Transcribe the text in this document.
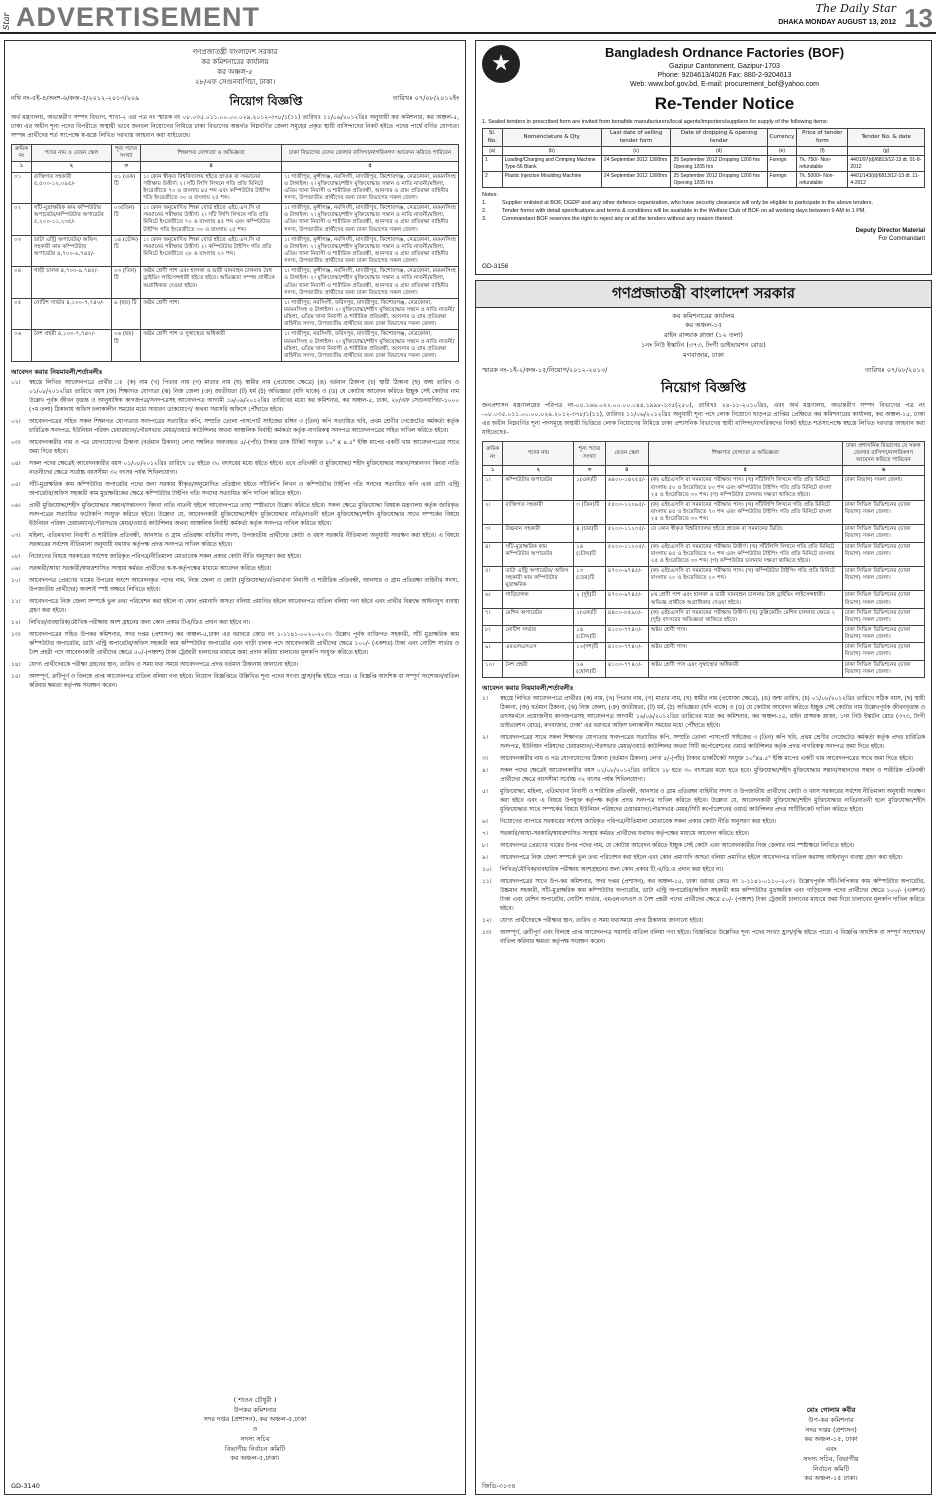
Star ADVERTISEMENT	The Daily Star
DHAKA MONDAY AUGUST 13, 2012 13
গণপ্রজাতন্ত্রী বাংলাদেশ সরকার
কর কমিশনারের কার্যালয়
কর অঞ্চল-৫
২৮/এফ সেগুনবাগিচা, ঢাকা।
নথি নং-৫ই-৪/অংশ-৬/কঅ-৫/২০১২-২০১৩/২০৯	নিয়োগ বিজ্ঞপ্তি	তারিখঃ ০৭/০৮/২০১২ইং
অর্থ মন্ত্রণালয়, অভ্যন্তরীণ সম্পদ বিভাগ, শাখা-২ এর পত্র নং স্মারক নং ০৮.০৩৫.০১১.০০.০০.০২৯.২০১২-৩৭৮/১(১১) তারিখঃ ১১/০৬/২০১২খ্রিঃ অনুযায়ী কর কমিশনার, কর অঞ্চল-৫, ঢাকা এর অধীন শূন্য পদের বিপরীতে অস্থায়ী ভাবে জনবল নিয়োগের নিমিত্তে ঢাকা বিভাগের অন্তর্গত নিম্নবর্ণিত জেলা সমূহের প্রকৃত স্থায়ী বাসিন্দাদের নিকট হইতে পদের পার্শ্বে বর্ণিত যোগ্যতা সম্পন্ন প্রার্থীদের শর্ত সাপেক্ষে স্ব-হস্তে লিখিত দরখাস্ত আহবান করা যাইতেছে।
ক্রমিক নং	পদের নাম ও বেতন স্কেল	শূন্য পদের সংখ্যা	শিক্ষাগত যোগ্যতা ও অভিজ্ঞতা	ঢাকা বিভাগের যেসব জেলার বাসিন্দা/নাগরিকগণ আবেদন করিতে পারিবেন
১	২	৩	৪	৫
০১	ব্যক্তিগত সহকারী ৫,৫০০-১২,০৯৫/-	০১ (এক) টি	১। কোন স্বীকৃত বিশ্ববিদ্যালয় হইতে স্নাতক বা সমমানের পরীক্ষায় উত্তীর্ণ। ২। সাঁট লিপি লিখনে গতি প্রতি মিনিটে ইংরেজীতে ৭০ ও বাংলায় ৪৫ শব্দ এবং কম্পিউটার টাইপিং গতি ইংরেজীতে ৩০ ও বাংলায় ২৫ শব্দ।	১। গাজীপুর, মুন্সীগঞ্জ, নরসিংদী, মাদারীপুর, কিশোরগঞ্জ, নেত্রকোনা, ময়মনসিংহ ও টাঙ্গাইল। ২। মুক্তিযোদ্ধা/শহীদ মুক্তিযোদ্ধার সন্তান ও নাতি নাতনী/মহিলা, এতিম খানা নিবাসী ও শারীরিক প্রতিবন্ধী, আনসার ও গ্রাম প্রতিরক্ষা বাহিনীর সদস্য, উপজাতীয় প্রার্থীদের জন্য ঢাকা বিভাগের সকল জেলা।
০২	সাঁট-মুদ্রাক্ষরিক কাম কম্পিউটার অপারেটর/কম্পিউটার অপারেটর ৫,২০০-১১,২৩৫/-	০৩(তিন) টি	১। কোন অনুমোদিত শিক্ষা বোর্ড হইতে এইচ.এস.সি বা সমমানের পরীক্ষায় উত্তীর্ণ। ২। সাঁট লিপি লিখনে গতি প্রতি মিনিটে ইংরেজীতে ৭০ ও বাংলায় ৪৫ শব্দ এবং কম্পিউটার টাইপিং গতি ইংরেজীতে ৩০ ও বাংলায় ২৫ শব্দ।	১। গাজীপুর, মুন্সীগঞ্জ, নরসিংদী, মাদারীপুর, কিশোরগঞ্জ, নেত্রকোনা, ময়মনসিংহ ও টাঙ্গাইল। ২। মুক্তিযোদ্ধা/শহীদ মুক্তিযোদ্ধার সন্তান ও নাতি নাতনী/মহিলা, এতিম খানা নিবাসী ও শারীরিক প্রতিবন্ধী, আনসার ও গ্রাম প্রতিরক্ষা বাহিনীর সদস্য, উপজাতীয় প্রার্থীদের জন্য ঢাকা বিভাগের সকল জেলা।
০৩	ডাটা এন্ট্রি অপারেটর/ অফিস সহকারী কাম কম্পিউটার অপারেটর ৪,৭০০-৯,৭৪৫/-	১৪ (চৌদ্দ) টি	১। কোন অনুমোদিত শিক্ষা বোর্ড হইতে এইচ.এস.সি বা সমমানের পরীক্ষায় উত্তীর্ণ। ২। কম্পিউটার টাইপিং গতি প্রতি মিনিটে ইংরেজীতে ২৮ ও বাংলায় ২০ শব্দ।	১। গাজীপুর, মুন্সীগঞ্জ, নরসিংদী, মাদারীপুর, কিশোরগঞ্জ, নেত্রকোনা, ময়মনসিংহ ও টাঙ্গাইল। ২। মুক্তিযোদ্ধা/শহীদ মুক্তিযোদ্ধার সন্তান ও নাতি নাতনী/মহিলা, এতিম খানা নিবাসী ও শারীরিক প্রতিবন্ধী, আনসার ও গ্রাম প্রতিরক্ষা বাহিনীর সদস্য, উপজাতীয় প্রার্থীদের জন্য ঢাকা বিভাগের সকল জেলা।
০৪	গাড়ী চালক ৪,৭০০-৯,৭৪৫/-	০৩ (তিন) টি	অষ্টম শ্রেণী পাশ এবং হালকা ও ভারী যানবাহন চালনায় বৈধ ড্রাইভিং লাইসেন্সধারী হইতে হইবে। অভিজ্ঞতা সম্পন্ন প্রার্থীকে অগ্রাধিকার দেওয়া হইবে।	১। গাজীপুর, মুন্সীগঞ্জ, নরসিংদী, মাদারীপুর, কিশোরগঞ্জ, নেত্রকোনা, ময়মনসিংহ ও টাঙ্গাইল। ২। মুক্তিযোদ্ধা/শহীদ মুক্তিযোদ্ধার সন্তান ও নাতি নাতনী/মহিলা, এতিম খানা নিবাসী ও শারীরিক প্রতিবন্ধী, আনসার ও গ্রাম প্রতিরক্ষা বাহিনীর সদস্য, উপজাতীয় প্রার্থীদের জন্য ঢাকা বিভাগের সকল জেলা।
০৫	নোটিশ সার্ভার ৪,১০০-৭,৭৪০/-	৬ (ছয়) টি	অষ্টম শ্রেণী পাশ।	১। গাজীপুর, নরসিংদী, ফরিদপুর, মাদারীপুর, কিশোরগঞ্জ, নেত্রকোনা, ময়মনসিংহ ও টাঙ্গাইল। ২। মুক্তিযোদ্ধা/শহীদ মুক্তিযোদ্ধার সন্তান ও নাতি নাতনী/মহিলা, এতিম খানা নিবাসী ও শারীরিক প্রতিবন্ধী, আনসার ও গ্রাম প্রতিরক্ষা বাহিনীর সদস্য, উপজাতীয় প্রার্থীদের জন্য ঢাকা বিভাগের সকল জেলা।
০৬	নৈশ প্রহরী ৪,১০০-৭,৭৪০/-	০৬ (ছয়) টি	অষ্টম শ্রেণী পাশ ও সুস্বাস্থ্যের অধিকারী	১। গাজীপুর, নরসিংদী, ফরিদপুর, মাদারীপুর, কিশোরগঞ্জ, নেত্রকোনা, ময়মনসিংহ ও টাঙ্গাইল। ২। মুক্তিযোদ্ধা/শহীদ মুক্তিযোদ্ধার সন্তান ও নাতি নাতনী/মহিলা, এতিম খানা নিবাসী ও শারীরিক প্রতিবন্ধী, আনসার ও গ্রাম প্রতিরক্ষা বাহিনীর সদস্য, উপজাতীয় প্রার্থীদের জন্য ঢাকা বিভাগের সকল জেলা।
আবেদন করার নিয়মাবলী/শর্তাবলীঃ
০১।	স্বহস্তে লিখিত আবেদনপত্রে প্রার্থীর ঃ (ক) নাম (খ) পিতার নাম (গ) মাতার নাম (ঘ) স্বামীর নাম (প্রযোজ্য ক্ষেত্রে) (ঙ) বর্তমান ঠিকানা (চ) স্থায়ী ঠিকানা (ছ) জন্ম তারিখ ও ০১/০৮/২০১২খ্রিঃ তারিখে বয়স (জ) শিক্ষাগত যোগ্যতা (ঝ) নিজ জেলা (ঞ) জাতীয়তা (ট) ধর্ম (ঠ) অভিজ্ঞতা (যদি থাকে) ও (ড) যে কোটায় আবেদন করিতে ইচ্ছুক সেই কোটার নাম উল্লেখ পূর্বক জীবন বৃত্তান্ত ও আনুষাঙ্গিক কাগজপত্র/সনদপত্রসহ আবেদনপত্র আগামী ১৬/০৯/২০১২খ্রিঃ তারিখের মধ্যে কর কমিশনার, কর অঞ্চল-৫, ঢাকা, ২৮/এফ সেগুনবাগিচা-১০০০ (৭ম তলা) ঠিকানায় অফিস চলাকালীন সময়ের মধ্যে সাধারণ ডাকযোগে/ অথবা সরাসরি অফিসে পৌঁছাতে হইবে।
০২।	আবেদনপত্রের সহিত সকল শিক্ষাগত যোগ্যতার সনদপত্রের সত্যায়িত কপি, সম্প্রতি তোলা পাসপোর্ট সাইজের রঙ্গিন ৩ (তিন) কপি সত্যায়িত ছবি, প্রথম শ্রেণীর গেজেটেড কর্মকর্তা কর্তৃক চারিত্রিক সনদপত্র, ইউনিয়ন পরিষদ চেয়ারম্যান/পৌরসভার মেয়র/ওয়ার্ড কাউন্সিলর অথবা আঞ্চলিক নির্বাহী কর্মকর্তা কর্তৃক নাগরিকত্ব সনদপত্র আবেদনপত্রের সহিত দাখিল করিতে হইবে।
০৩।	আবেদনকারীর নাম ও পত্র যোগাযোগের ঠিকানা (বর্তমান ঠিকানা) লেখা সম্বলিত অব্যবহৃত ৫/-(পাঁচ) টাকার ডাক টিকিট সংযুক্ত ১০" x ৪.৫" ইঞ্চি মাপের একটি খাম আবেদনপত্রের সাথে জমা দিতে হইবে।
০৪।	সকল পদের ক্ষেত্রেই আবেদনকারীর বয়স ০১/০৮/২০১২খ্রিঃ তারিখে ১৮ হইতে ৩০ বৎসরের মধ্যে হইতে হইবে। তবে প্রতিবন্ধী ও মুক্তিযোদ্ধা/ শহীদ মুক্তিযোদ্ধার সন্তান/সন্তানগণ কিংবা নাতি নাতনীদের ক্ষেত্রে সর্বোচ্চ বয়সসীমা ৩২ বৎসর পর্যন্ত শিথিলযোগ্য।
০৫।	সাঁট-মুদ্রাক্ষরিক কাম কম্পিউটার অপারেটর পদের জন্য সরকার স্বীকৃত/অনুমোদিত প্রতিষ্ঠান হইতে সাঁটলিপি লিখন ও কম্পিউটার টাইপিং গতি সনদের সত্যায়িত কপি এবং ডাটা এন্ট্রি অপারেটর/অফিস সহকারী কাম মুদ্রাক্ষরিকের ক্ষেত্রে কম্পিউটার টাইপিং গতি সনদের সত্যায়িত কপি দাখিল করিতে হইবে।
০৬।	প্রার্থী মুক্তিযোদ্ধা/শহীদ মুক্তিযোদ্ধার সন্তান/সন্তানগণ কিংবা নাতি নাতনী হইলে আবেদনপত্রে তাহা স্পষ্টভাবে উল্লেখ করিতে হইবে। সকল ক্ষেত্রে মুক্তিযোদ্ধা বিষয়ক মন্ত্রণালয় কর্তৃক জারিকৃত সনদপত্রের সত্যায়িত ফটোকপি সংযুক্ত করিতে হইবে। উল্লেখ্য যে, আবেদনকারী মুক্তিযোদ্ধা/শহীদ মুক্তিযোদ্ধার নাতি/নাতনী হইলে মুক্তিযোদ্ধা/শহীদ মুক্তিযোদ্ধার সাথে সম্পর্কের বিষয়ে ইউনিয়ন পরিষদ চেয়ারম্যান/পৌরসভার মেয়র/ওয়ার্ড কাউন্সিলর অথবা আঞ্চলিক নির্বাহী কর্মকর্তা কর্তৃক সনদপত্র দাখিল করিতে হইবে।
০৭।	মহিলা, এতিমখানা নিবাসী ও শারীরিক প্রতিবন্ধী, আনসার ও গ্রাম প্রতিরক্ষা বাহিনীর সদস্য, উপজাতীয় প্রার্থীদের কোটা ও বয়স সরকারি নীতিমালা অনুযায়ী সংরক্ষণ করা হইবে। এ বিষয়ে সরকারের সর্বশেষ নীতিমালা অনুযায়ী যথাযথ কর্তৃপক্ষ প্রদত্ত সনদপত্র দাখিল করিতে হইবে।
০৮।	নিয়োগের বিষয়ে সরকারের সর্বশেষ জারিকৃত পরিপত্র/নীতিমালা মোতাবেক সকল প্রকার কোটা নীতি অনুসরণ করা হইবে।
০৯।	সরকারী/আধা সরকারী/স্বায়ত্তশাসিত সংস্থায় কর্মরত প্রার্থীদের স্ব-স্ব-কর্তৃপক্ষের মাধ্যমে আবেদন করিতে হইবে।
১০।	আবেদনপত্র প্রেরণের খামের উপরের অংশে আবেদনকৃত পদের নাম, নিজ জেলা ও কোটা (মুক্তিযোদ্ধা/এতিমখানা নিবাসী ও শারীরিক প্রতিবন্ধী, আনসার ও গ্রাম প্রতিরক্ষা বাহিনীর সদস্য, উপজাতীয় প্রার্থীদের) অবশ্যই স্পষ্ট অক্ষরে লিখিতে হইবে।
১১।	আবেদনপত্রে নিজ জেলা সম্পর্কে ভুল তথ্য পরিবেশন করা হইলে বা কোন প্রমানাদি অসত্য বলিয়া প্রমানিত হইলে আবেদনপত্র বাতিল বলিয়া গন্য হইবে এবং প্রার্থীর বিরুদ্ধে আইনানুগ ব্যবস্থা গ্রহণ করা হইবে।
১২।	লিখিত/ব্যবহারিক/মৌখিক পরীক্ষায় অংশ গ্রহনের জন্য কোন প্রকার টিএ/ডিএ প্রদান করা হইবে না।
১৩।	আবেদনপত্রের সহিত উপকর কমিশনার, সদর দপ্তর (প্রশাসন) কর অঞ্চল-৫,ঢাকা এর বরাবরে কোড নং ১-১১৪১-০০২০-২০৩১ উল্লেখ পূর্বক ব্যক্তিগত সহকারী, সাঁট মুদ্রাক্ষরিক কাম কম্পিউটার অপারেটর, ডাটা এন্ট্রি অপারেটর/অফিস সহকারী কাম কম্পিউটার অপারেটর এবং গাড়ী চালক পদে আবেদনকারী প্রার্থীদের ক্ষেত্রে ১০০/- (একশত) টাকা এবং নোটিশ সার্ভার ও নৈশ প্রহরী পদে আবেদনকারী প্রার্থীদের ক্ষেত্রে ৫০/-(পঞ্চাশ) টাকা ট্রেজারী চালানের মাধ্যমে জমা প্রদান করিয়া চালানের মূলকপি সংযুক্ত করিতে হইবে।
১৪।	যোগ্য প্রার্থীদেরকে পরীক্ষা গ্রহনের স্থান, তারিখ ও সময় যথা সময়ে আবেদনপত্রে প্রদত্ত বর্তমান ঠিকানায় জানানো হইবে।
১৫।	অসম্পূর্ণ, ক্রটিপূর্ণ ও বিলম্বে প্রাপ্ত আবেদনপত্র বাতিল বলিয়া গন্য হইবে। নিয়োগ বিজ্ঞপ্তিতে উল্লিখিত শূন্য পদের সংখ্যা হ্রাস/বৃদ্ধি হইতে পারে। এ বিজ্ঞপ্তি আংশিক বা সম্পূর্ণ সংশোধন/বাতিল করিবার ক্ষমতা কর্তৃপক্ষ সংরক্ষণ করেন।
( শাওন চৌধুরী )
উপকর কমিশনার
সদর দপ্তর (প্রশাসন), কর অঞ্চল-৫,ঢাকা
ও
সদস্য সচিব
বিভাগীয় নির্বাচন কমিটি
কর অঞ্চল-৫,ঢাকা।
GD-3140
Bangladesh Ordnance Factories (BOF)
Gazipur Cantonment, Gazipur-1703
Phone: 9204613/4026 Fax: 880-2-9204613
Web: www.bof.gov.bd, E-mail: procurement_bof@yahoo.com
Re-Tender Notice
1. Sealed tenders in prescribed form are invited from bonafide manufacturers/local agents/importers/suppliers for supply of the following items:
Sl. No.	Nomenclature & Qty	Last date of selling tender form	Date of dropping & opening tender	Currency	Price of tender form	Tender No. & date
(a)	(b)	(c)	(d)	(e)	(f)	(g)
1	Loading/Charging and Crimping Machine Type-56 Blank	24 September 2012 1300hrs	25 September 2012 Dropping 1200 hrs Opening 1205 hrs	Foreign	Tk. 750/- Non-refundable	4401/97(d)/6813/12-13 dt. 01-8-2012
2	Plastic Injection Moulding Machine	24 September 2012 1300hrs	25 September 2012 Dropping 1200 hrs Opening 1205 hrs	Foreign	Tk. 5000/- Non-refundable	4401/143(d)/6813/12-13 dt. 11-4-2012
Notes:
1.	Supplier enlisted at BOF, DGDP and any other defence organization, who have security clearance will only be eligible to participate in the above tenders.
2.	Tender forms with detail specifications and terms & conditions will be available in the Welfare Club of BOF on all working days between 9 AM to 1 PM.
3.	Commandant BOF reserves the right to reject any or all the tenders without any reason thereof.
Deputy Director Material
For Commandant
GD-3156
গণপ্রজাতন্ত্রী বাংলাদেশ সরকার
কর কমিশনারের কার্যালয়
কর অঞ্চল-১৫
রাইন রাজ্জাক প্লাজা (১২ তলা)
১নং নিউ ইস্কাটন (৩৭৩, টংগী ডাইভারশন রোড)
মগবাজার, ঢাকা
স্মারক নং-১ই-২/কঅ-১৫/নিয়োগ/২০১২-২০১৩/	তারিখঃ ০৭/০৮/২০১২
নিয়োগ বিজ্ঞপ্তি
জনপ্রশাসন মন্ত্রণালয়ের পরিপত্র নং-০৫.১৬৬.০২২.০০.০০.০৪৪.১৯৯৮-১৩৫(২৫০), তারিখঃ ২৪-১১-২০১০খ্রিঃ, এবং অর্থ মন্ত্রণালয়, অভ্যন্তরীণ সম্পদ বিভাগের পত্র নং -০৮.০৩৫.০১১.০০.০০.০২৯.২০১২-৩৭৮/১(১১), তারিখঃ ১১/০৬/২০১২খ্রিঃ অনুযায়ী শূন্য পদে লোক নিয়োগে ছাড়পত্র প্রাপ্তির প্রেক্ষিতে কর কমিশনারের কার্যালয়, কর অঞ্চল-১৫, ঢাকা এর অধীন নিম্নবর্ণিত শূন্য পদসমূহে অস্থায়ী ভিত্তিতে লোক নিয়োগের নিমিত্তে ঢাকা প্রশাসনিক বিভাগের স্থায়ী বাসিন্দা/নাগরিকদের নিকট হইতে শর্তসাপেক্ষে স্বহস্তে লিখিত দরখাস্ত আহবান করা যাইতেছেঃ-
ক্রমিক নং	পদের নাম	শূন্য পদের সংখ্যা	বেতন স্কেল	শিক্ষাগত যোগ্যতা ও অভিজ্ঞতা	ঢাকা প্রশাসনিক বিভাগের যে সকল জেলার বাসিন্দা/নাগরিকগণ আবেদন করিতে পারিবেন
১	২	৩	৪	৫	৬
১।	কম্পিউটার অপারেটর	১(এক)টি	৬৪০০-১৪২৫৫/-	(ক) এইচএসসি বা সমমানের পরীক্ষায় পাস। (খ) সাঁটলিপি লিখনে গতি প্রতি মিনিটে বাংলায় ৫০ ও ইংরেজিতে ৮০ শব্দ এবং কম্পিউটার টাইপিং গতি প্রতি মিনিটে বাংলা ২৫ ও ইংরেজিতে ৩০ শব্দ। (গ) কম্পিউটার চালনায় দক্ষতা থাকিতে হইবে।	ঢাকা বিভাগ) সকল জেলা।
২।	ব্যক্তিগত সহকারী	৩ (তিন)টি	৫৫০০-১২০৯৫/-	(ক) এইচএসসি বা সমমানের পরীক্ষায় পাস। (খ) সাঁটলিপি লিখনে গতি প্রতি মিনিটে বাংলায় ৪৫ ও ইংরেজিতে ৭০ শব্দ এবং কম্পিউটার টাইপিং গতি প্রতি মিনিটে বাংলা ২৫ ও ইংরেজিতে ৩০ শব্দ।	ঢাকা সিভিল ডিভিশনের (ঢাকা বিভাগ) সকল জেলা।
৩।	উচ্চমান সহকারী	৪ (চার)টি	৫২০০-১১২৩৫/-	যে কোন স্বীকৃত বিশ্ববিদ্যালয় হইতে স্নাতক বা সমমানের ডিগ্রি।	ঢাকা সিভিল ডিভিশনের (ঢাকা বিভাগ) সকল জেলা।
৪।	সাঁট-মুদ্রাক্ষরিক কাম কম্পিউটার অপারেটর	১৪ (চৌদ্দ)টি	৫২০০-১১২৩৫/-	(ক) এইচএসসি বা সমমানের পরীক্ষায় উত্তীর্ণ। (খ) সাঁটলিপি লিখনে গতি প্রতি মিনিটে বাংলায় ৪৫ ও ইংরেজিতে ৭০ শব্দ এবং কম্পিউটার টাইপিং গতি প্রতি মিনিটে বাংলায় ২৫ ও ইংরেজিতে ৩০ শব্দ। (গ) কম্পিউটার চালনায় দক্ষতা থাকিতে হইবে।	ঢাকা সিভিল ডিভিশনের (ঢাকা বিভাগ) সকল জেলা।
৫।	ডাটা এন্ট্রি অপারেটর/ অফিস সহকারী কাম কম্পিউটার মুদ্রাক্ষরিক	১৩ (তের)টি	৪৭০০-৯৭৪৫/-	(ক) এইচএসসি বা সমমানের পরীক্ষায় পাস। (খ) কম্পিউটার টাইপিং গতি প্রতি মিনিটে বাংলায় ২০ ও ইংরেজিতে ২০ শব্দ।	ঢাকা সিভিল ডিভিশনের (ঢাকা বিভাগ) সকল জেলা।
৬।	গাড়িচালক	২ (দুই)টি	৪৭০০-৯৭৪৫/-	৮ম শ্রেণী পাশ এবং হালকা ও ভারী যানবাহন চালনায় বৈধ ড্রাইভিং লাইসেন্সধারী। অভিজ্ঞ প্রার্থীকে অগ্রাধিকার দেওয়া হইবে।	ঢাকা সিভিল ডিভিশনের (ঢাকা বিভাগ) সকল জেলা।
৭।	মেশিন অপারেটর	১(এক)টি	৪৪০০-৮৫৯০/-	(ক) এইচএসসি বা সমমানের পরীক্ষায় উত্তীর্ণ। (খ) ডুপ্লিকেটিং মেশিন চালনার ক্ষেত্রে ২ (দুই) বৎসরের অভিজ্ঞতা থাকিতে হইবে।	ঢাকা সিভিল ডিভিশনের (ঢাকা বিভাগ) সকল জেলা।
৮।	নোটিশ সার্ভার	১৪ (চৌদ্দ)টি	৪১০০-৭৭৪০/-	অষ্টম শ্রেণী পাস।	ঢাকা সিভিল ডিভিশনের (ঢাকা বিভাগ) সকল জেলা।
৯।	এমএলএসএস	১০(দশ)টি	৪১০০-৭৭৪০/-	অষ্টম শ্রেণী পাস।	ঢাকা সিভিল ডিভিশনের (ঢাকা বিভাগ) সকল জেলা।
১০।	নৈশ প্রহরী	১৬ (ষোল)টি	৪১০০-৭৭৪০/-	অষ্টম শ্রেণী পাস এবং সুস্বাস্থ্যের অধিকারী	ঢাকা সিভিল ডিভিশনের (ঢাকা বিভাগ) সকল জেলা।
আবেদন করার নিয়মাবলী/শর্তাবলীঃ
১।	স্বহস্তে লিখিত আবেদনপত্রে প্রার্থীরঃ (ক) নাম, (খ) পিতার নাম, (গ) মাতার নাম, (ঘ) স্বামীর নাম (প্রযোজ্য ক্ষেত্রে), (ঙ) জন্ম তারিখ, (চ) ০১/০৮/২০১২খ্রিঃ তারিখে সঠিক বয়স, (ছ) স্থায়ী ঠিকানা, (জ) বর্তমান ঠিকানা, (ঝ) নিজ জেলা, (ঞ) জাতীয়তা, (ট) ধর্ম, (ঠ) অভিজ্ঞতা (যদি থাকে) ও (ড) যে কোটায় আবেদন করিতে ইচ্ছুক সেই কোটার নাম উল্লেখপূর্বক জীবনবৃত্তান্ত ও তৎসমর্থনে প্রয়োজনীয় কাগজপত্রসহ আবেদনপত্র আগামী ১৬/০৯/২০১২খ্রিঃ তারিখের মধ্যে কর কমিশনার, কর অঞ্চল-১৫, রাইন রাজ্জাক প্লাজা, ১নং নিউ ইস্কাটন রোড (৩৭৩, টংগী ডাইভারশন রোড), মগবাজার, ঢাকা' এর বরাবরে অফিস চলাকালীন সময়ের মধ্যে পৌঁছাতে হইবে।
২।	আবেদনপত্রের সাথে সকল শিক্ষাগত যোগ্যতার সনদপত্রের সত্যায়িত কপি, সম্প্রতি তোলা পাসপোর্ট সাইজের ৩ (তিন) কপি ছবি, প্রথম শ্রেণীর গেজেটেড কর্মকর্তা কর্তৃক প্রদত্ত চারিত্রিক সনদপত্র, ইউনিয়ন পরিষদের চেয়ারম্যান/পৌরসভার মেয়র/ওয়ার্ড কাউন্সিলর অথবা সিটি কর্পোরেশনের ওয়ার্ড কাউন্সিলর কর্তৃক প্রদত্ত নাগরিকত্ব সনদপত্র জমা দিতে হইবে।
৩।	আবেদনকারীর নাম ও পত্র যোগাযোগের ঠিকানা (বর্তমান ঠিকানা) লেখা ৫/-(পাঁচ) টাকার ডাকটিকেট সংযুক্ত ১০"x৪.৫" ইঞ্চি মাপের একটি খাম আবেদনপত্রের সাথে জমা দিতে হইবে।
৪।	সকল পদের ক্ষেত্রেই আবেদনকারীর বয়স ০১/০৮/২০১২খ্রিঃ তারিখে ১৮ হতে ৩০ বৎসরের মধ্যে হতে হবে। মুক্তিযোদ্ধা/শহীদ মুক্তিযোদ্ধার সন্তান/সন্তানদের সন্তান ও শারীরিক প্রতিবন্ধী প্রার্থীদের ক্ষেত্রে বয়সসীমা সর্বোচ্চ ৩২ বৎসর পর্যন্ত শিথিলযোগ্য।
৫।	মুক্তিযোদ্ধা, মহিলা, এতিমখানা নিবাসী ও শারীরিক প্রতিবন্ধী, আনসার ও গ্রাম প্রতিরক্ষা বাহিনীর সদস্য ও উপজাতীয় প্রার্থীদের কোটা ও বয়স সরকারের সর্বশেষ নীতিমালা অনুযায়ী সংরক্ষণ করা হইবে এবং এ বিষয়ে উপযুক্ত কর্তৃপক্ষ কর্তৃক প্রদত্ত সনদপত্র দাখিল করিতে হইবে। উল্লেখ্য যে, আবেদনকারী মুক্তিযোদ্ধা/শহীদ মুক্তিযোদ্ধার নাতি/নাতনী হলে মুক্তিযোদ্ধা/শহীদ মুক্তিযোদ্ধার সাথে সম্পর্কের বিষয়ে ইউনিয়ন পরিষদের চেয়ারম্যান/পৌরসভার মেয়র/সিটি কর্পোরেশনের ওয়ার্ড কাউন্সিলর প্রদত্ত সার্টিফিকেট দাখিল করিতে হইবে।
৬।	নিয়োগের ব্যাপারে সরকারের সর্বশেষ জারিকৃত পরিপত্র/নীতিমালা মোতাবেক সকল প্রকার কোটা নীতি অনুসরণ করা হইবে।
৭।	সরকারি/আধা-সরকারি/স্বায়ত্তশাসিত সংস্থায় কর্মরত প্রার্থীদের যথাযথ কর্তৃপক্ষের মাধ্যমে আবেদন করিতে হইবে।
৮।	আবেদনপত্র প্রেরণের খামের উপর পদের নাম, যে কোটায় আবেদন করিতে ইচ্ছুক সেই কোটা এবং আবেদনকারীর নিজ জেলার নাম স্পষ্টাক্ষরে লিখিতে হইবে।
৯।	আবেদনপত্রে নিজ জেলা সম্পর্কে ভুল তথ্য পরিবেশন করা হইলে এবং কোন প্রমাণাদি অসত্য বলিয়া প্রমাণিত হইলে আবেদনপত্র বাতিল করাসহ আইনানুগ ব্যবস্থা গ্রহণ করা হইবে।
১০।	লিখিত/মৌখিক/ব্যবহারিক পরীক্ষায় অংশগ্রহনের জন্য কোন প্রকার টি.এ/ডি.এ প্রদান করা হইবে না।
১১।	আবেদনপত্রের সাথে উপ-কর কমিশনার, সদর দপ্তর (প্রশাসন), কর অঞ্চল-১৫, ঢাকা বরাবর কোড নং ১-১১৪১-০১১০-২০৩১ উল্লেখপূর্বক সাঁট-লিপিকার কাম কম্পিউটার অপারেটর, উচ্চমান সহকারী, সাঁট-মুদ্রাক্ষরিক কাম কম্পিউটার অপারেটর, ডাটা এন্ট্রি অপারেটর/অফিস সহকারী কাম কম্পিউটার মুদ্রাক্ষরিক এবং গাড়িচালক পদের প্রার্থীদের ক্ষেত্রে ১০০/- (একশত) টাকা এবং মেশিন অপারেটর, নোটিশ সার্ভার, এমএলএসএস ও নৈশ প্রহরী পদের প্রার্থীদের ক্ষেত্রে ৫০/- (পঞ্চাশ) টাকা ট্রেজারী চালানের মাধ্যমে জমা দিয়ে চালানের মূলকপি দাখিল করিতে হইবে।
১২।	যোগ্য প্রার্থীদেরকে পরীক্ষার স্থান, তারিখ ও সময় যথাসময়ে প্রদত্ত ঠিকানায় জানানো হইবে।
১৩।	অসম্পূর্ণ, ত্রুটিপূর্ণ এবং বিলম্বে প্রাপ্ত আবেদনপত্র সরাসরি বাতিল বলিয়া গণ্য হইবে। বিজ্ঞপ্তিতে উল্লেখিত শূন্য পদের সংখ্যা হ্রাস/বৃদ্ধি হইতে পারে। এ বিজ্ঞপ্তি আংশিক বা সম্পূর্ণ সংশোধন/বাতিল করিবার ক্ষমতা কর্তৃপক্ষ সংরক্ষণ করেন।
মোঃ গোলাম কবীর
উপ-কর কমিশনার
সদর দপ্তর (প্রশাসন)
কর অঞ্চল-১৫, ঢাকা
এবং
সদস্য সচিব, বিভাগীয়
নির্বাচন কমিটি
কর অঞ্চল-১৫ ঢাকা।
জিডি-৩১৩৪
